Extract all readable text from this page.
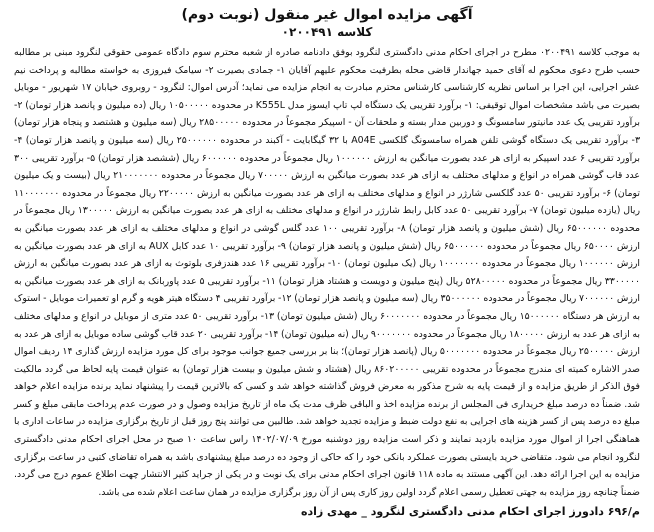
آگهی مزایده اموال غیر منقول (نوبت دوم)

کلاسه ۰۲۰۰۴۹۱

به موجب کلاسه ۰۲۰۰۴۹۱ مطرح در اجرای احکام مدنی دادگستری لنگرود بوفق دادنامه صادره از شعبه محترم سوم دادگاه عمومی حقوقی لنگرود مبنی بر مطالبه حسب طرح دعوی محکوم له آقای حمید جهاندار قاضی محله بطرفیت محکوم علیهم آقایان ۱- جمادی بصیرت ۲- سیامک فیروزی به خواسته مطالبه و پرداخت نیم عشر اجرایی، این اجرا بر اساس نظریه کارشناسی کارشناس محترم مبادرت به انجام مزایده می نماید؛ آدرس اموال: لنگرود - روبروی خیابان ۱۷ شهریور - موبایل بصیرت می باشد مشخصات اموال توقیفی: ۱- برآورد تقریبی یک دستگاه لپ تاپ ایسوز مدل K555L در محدوده ۱۰۵۰۰۰۰۰ ریال (ده میلیون و پانصد هزار تومان) ۲- برآورد تقریبی یک عدد مانیتور سامسونگ و دوربین مدار بسته و ملحقات آن - اسپیکر مجموعاً در محدوده ۲۸۵۰۰۰۰۰ ریال (سه میلیون و هشتصد و پنجاه هزار تومان) ۳- برآورد تقریبی یک دستگاه گوشی تلفن همراه سامسونگ گلکسی A04E با ۳۲ گیگابایت - آکبند در محدوده ۲۵۰۰۰۰۰۰ ریال (سه میلیون و پانصد هزار تومان) ۴- برآورد تقریبی ۶ عدد اسپیکر به ازای هر عدد بصورت میانگین به ارزش ۱۰۰۰۰۰۰ ریال مجموعاً در محدوده ۶۰۰۰۰۰۰ ریال (ششصد هزار تومان) ۵- برآورد تقریبی ۳۰۰ عدد قاب گوشی همراه در انواع و مدلهای مختلف به ازای هر عدد بصورت میانگین به ارزش ۷۰۰۰۰۰ ریال مجموعاً در محدوده ۲۱۰۰۰۰۰۰۰ ریال (بیست و یک میلیون تومان) ۶- برآورد تقریبی ۵۰ عدد گلکسی شارژر در انواع و مدلهای مختلف به ازای هر عدد بصورت میانگین به ارزش ۲۲۰۰۰۰۰ ریال مجموعاً در محدوده ۱۱۰۰۰۰۰۰۰ ریال (یازده میلیون تومان) ۷- برآورد تقریبی ۵۰ عدد کابل رابط شارژر در انواع و مدلهای مختلف به ازای هر عدد بصورت میانگین به ارزش ۱۳۰۰۰۰۰ ریال مجموعاً در محدوده ۶۵۰۰۰۰۰۰ ریال (شش میلیون و پانصد هزار تومان) ۸- برآورد تقریبی ۱۰۰ عدد گلس گوشی در انواع و مدلهای مختلف به ازای هر عدد بصورت میانگین به ارزش ۶۵۰۰۰۰ ریال مجموعاً در محدوده ۶۵۰۰۰۰۰۰ ریال (شش میلیون و پانصد هزار تومان) ۹- برآورد تقریبی ۱۰ عدد کابل AUX به ازای هر عدد بصورت میانگین به ارزش ۱۰۰۰۰۰۰ ریال مجموعاً در محدوده ۱۰۰۰۰۰۰۰ ریال (یک میلیون تومان) ۱۰- برآورد تقریبی ۱۶ عدد هندزفری بلوتوث به ازای هر عدد بصورت میانگین به ارزش ۳۳۰۰۰۰۰ ریال مجموعاً در محدوده ۵۲۸۰۰۰۰۰ ریال (پنج میلیون و دویست و هشتاد هزار تومان) ۱۱- برآورد تقریبی ۵ عدد پاوربانک به ازای هر عدد بصورت میانگین به ارزش ۷۰۰۰۰۰۰ ریال مجموعاً در محدوده ۳۵۰۰۰۰۰۰ ریال (سه میلیون و پانصد هزار تومان) ۱۲- برآورد تقریبی ۴ دستگاه هیتر هویه و گرم او تعمیرات موبایل - استوک به ارزش هر دستگاه ۱۵۰۰۰۰۰۰ ریال مجموعاً در محدوده ۶۰۰۰۰۰۰۰ ریال (شش میلیون تومان) ۱۳- برآورد تقریبی ۵۰ عدد متری از موبایل در انواع و مدلهای مختلف به ازای هر عدد به ارزش ۱۸۰۰۰۰۰ ریال مجموعاً در محدوده ۹۰۰۰۰۰۰۰ ریال (نه میلیون تومان) ۱۴- برآورد تقریبی ۲۰ عدد قاب گوشی ساده موبایل به ازای هر عدد به ارزش ۲۵۰۰۰۰۰ ریال مجموعاً در محدوده ۵۰۰۰۰۰۰۰ ریال (پانصد هزار تومان)؛ بنا بر بررسی جمیع جوانب موجود برای کل مورد مزایده ارزش گذاری ۱۴ ردیف اموال صدر الاشاره کمیته ای مندرج مجموعاً در محدوده تقریبی ۸۶۰۲۰۰۰۰۰ ریال (هشتاد و شش میلیون و بیست هزار تومان) به عنوان قیمت پایه لحاظ می گردد مالکیت فوق الذکر از طریق مزایده و از قیمت پایه به شرح مذکور به معرض فروش گذاشته خواهد شد و کسی که بالاترین قیمت را پیشنهاد نماید برنده مزایده اعلام خواهد شد. ضمناً ده درصد مبلغ خریداری فی المجلس از برنده مزایده اخذ و الباقی ظرف مدت یک ماه از تاریخ مزایده وصول و در صورت عدم پرداخت مابقی مبلغ و کسر مبلغ ده درصد پس از کسر هزینه های اجرایی به نفع دولت ضبط و مزایده تجدید خواهد شد. طالبین می توانند پنج روز قبل از تاریخ برگزاری مزایده در ساعات اداری با هماهنگی اجرا از اموال مورد مزایده بازدید نمایند و ذکر است مزایده روز دوشنبه مورخ ۱۴۰۲/۰۷/۰۹ راس ساعت ۱۰ صبح در محل اجرای احکام مدنی دادگستری لنگرود انجام می شود. متقاضی خرید بایستی بصورت عملکرد بانکی خود را که حاکی از وجود ده درصد مبلغ پیشنهادی باشد به همراه تقاضای کتبی در ساعت برگزاری مزایده به این اجرا ارائه دهد. این آگهی مستند به ماده ۱۱۸ قانون اجرای احکام مدنی برای یک نوبت و در یکی از جراید کثیر الانتشار چهت اطلاع عموم درج می گردد. ضمناً چنانچه روز مزایده به جهتی تعطیل رسمی اعلام گردد اولین روز کاری پس از آن روز برگزاری مزایده در همان ساعت اعلام شده می باشد.

م/۶۹۶ دادورز اجرای احکام مدنی دادگستری لنگرود _ مهدی زاده
